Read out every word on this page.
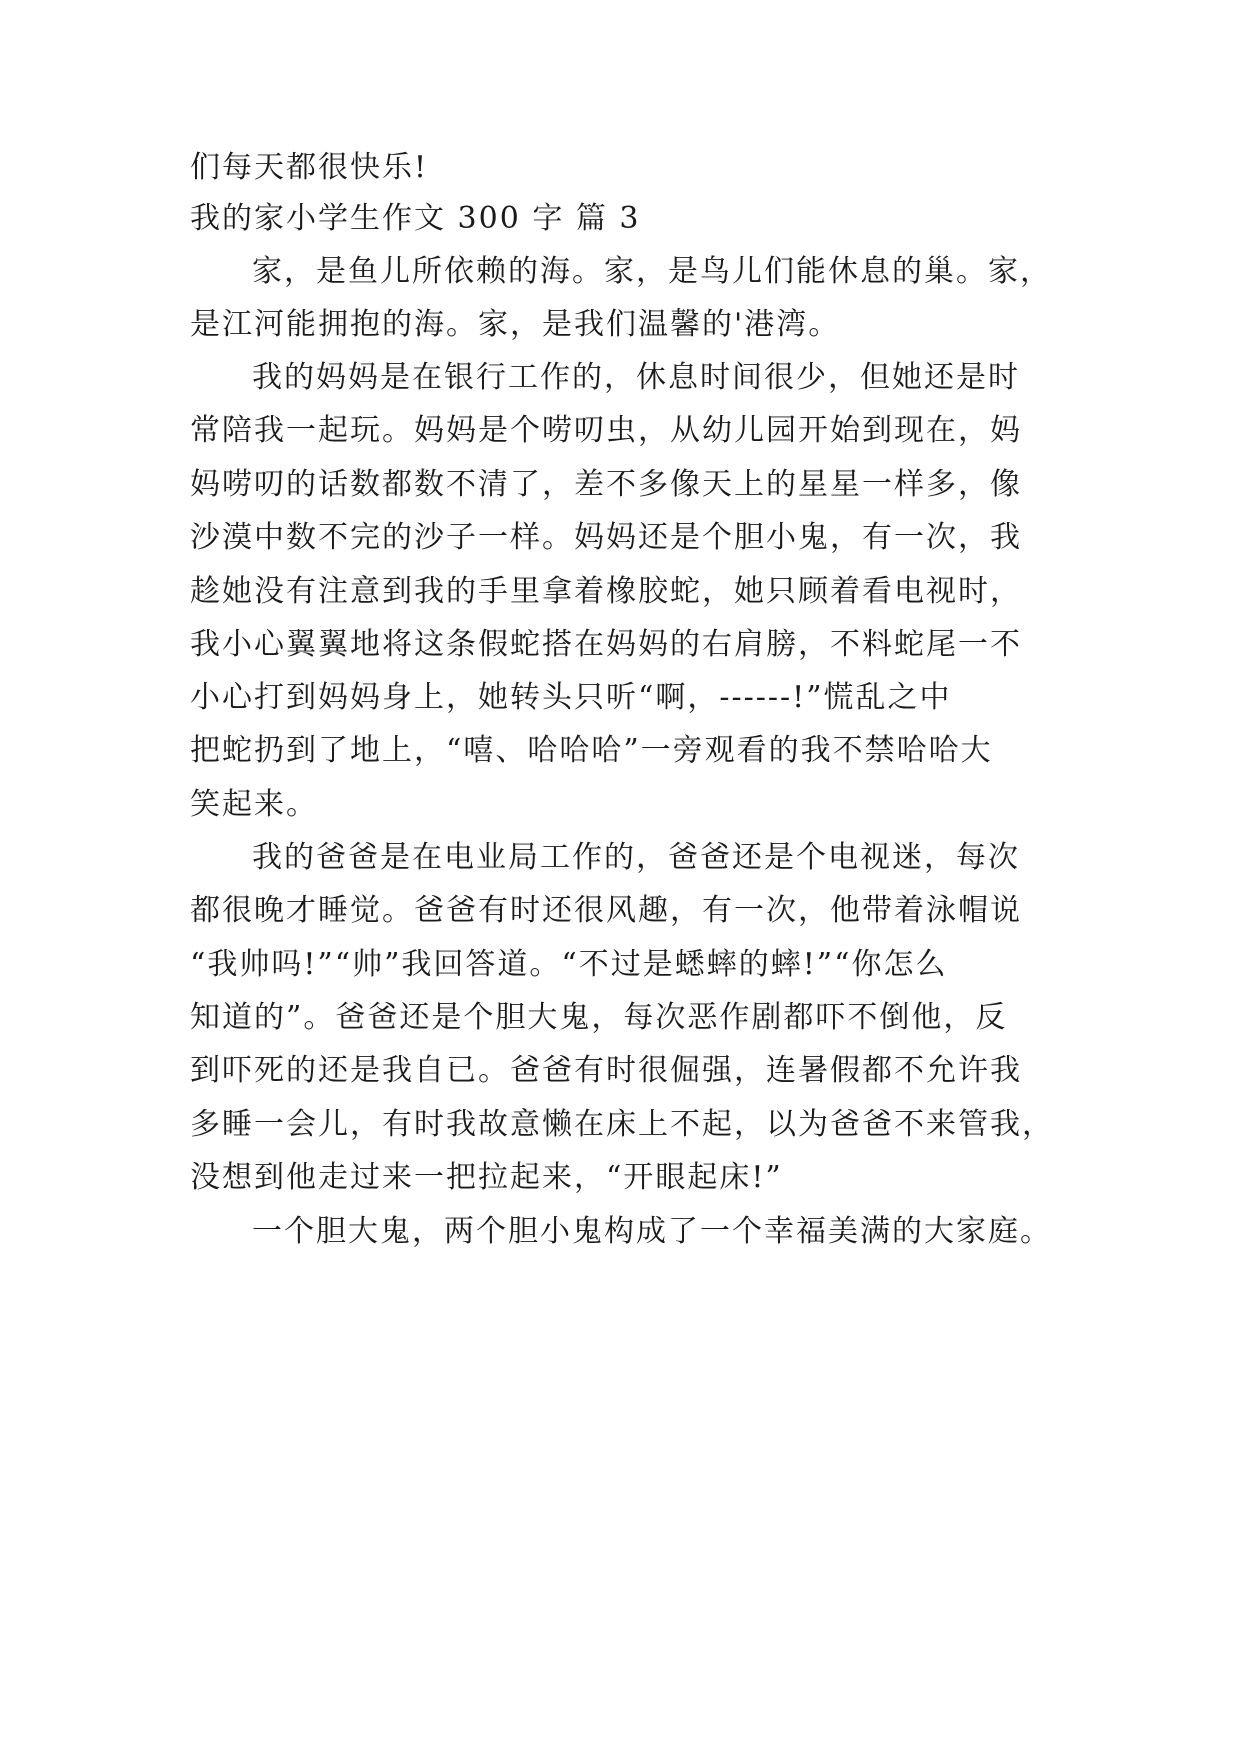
们每天都很快乐!
我的家小学生作文 300 字 篇 3
家，是鱼儿所依赖的海。家，是鸟儿们能休息的巢。家，
是江河能拥抱的海。家，是我们温馨的'港湾。
我的妈妈是在银行工作的，休息时间很少，但她还是时
常陪我一起玩。妈妈是个唠叨虫，从幼儿园开始到现在，妈
妈唠叨的话数都数不清了，差不多像天上的星星一样多，像
沙漠中数不完的沙子一样。妈妈还是个胆小鬼，有一次，我
趁她没有注意到我的手里拿着橡胶蛇，她只顾着看电视时，
我小心翼翼地将这条假蛇搭在妈妈的右肩膀，不料蛇尾一不
小心打到妈妈身上，她转头只听“啊，------!”慌乱之中
把蛇扔到了地上，“嘻、哈哈哈”一旁观看的我不禁哈哈大
笑起来。
我的爸爸是在电业局工作的，爸爸还是个电视迷，每次
都很晚才睡觉。爸爸有时还很风趣，有一次，他带着泳帽说
“我帅吗!”“帅”我回答道。“不过是蟋蟀的蟀!”“你怎么
知道的”。爸爸还是个胆大鬼，每次恶作剧都吓不倒他，反
到吓死的还是我自已。爸爸有时很倔强，连暑假都不允许我
多睡一会儿，有时我故意懒在床上不起，以为爸爸不来管我，
没想到他走过来一把拉起来，“开眼起床!”
一个胆大鬼，两个胆小鬼构成了一个幸福美满的大家庭。
